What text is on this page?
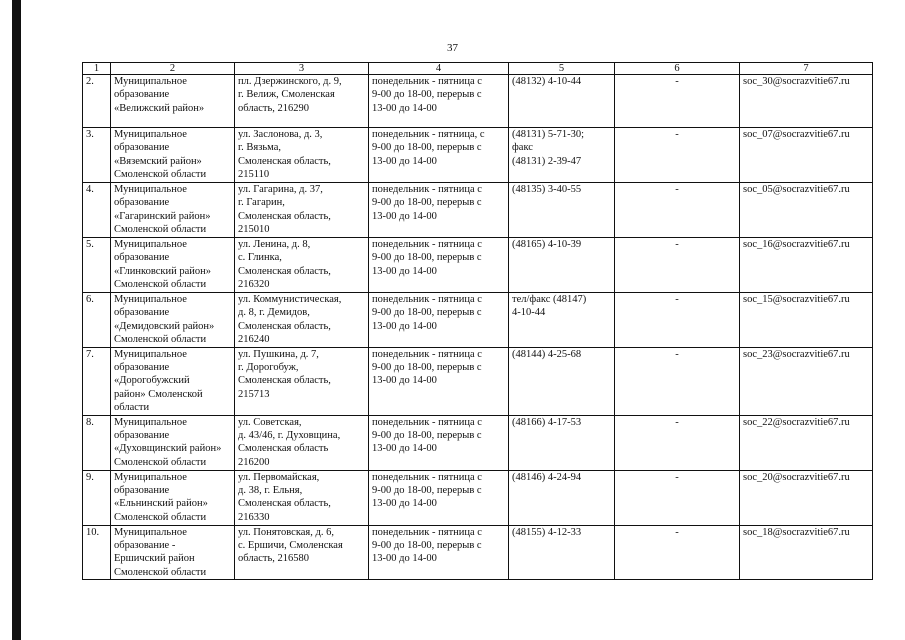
37
1	2	3	4	5	6	7
2.	Муниципальное
образование
«Велижский район»	пл. Дзержинского, д. 9,
г. Велиж, Смоленская
область, 216290	понедельник - пятница с
9-00 до 18-00, перерыв с
13-00 до 14-00	(48132) 4-10-44	-	soc_30@socrazvitie67.ru
3.	Муниципальное
образование
«Вяземский район»
Смоленской области	ул. Заслонова, д. 3,
г. Вязьма,
Смоленская область,
215110	понедельник - пятница, с
9-00 до 18-00, перерыв с
13-00 до 14-00	(48131) 5-71-30;
факс
(48131) 2-39-47	-	soc_07@socrazvitie67.ru
4.	Муниципальное
образование
«Гагаринский район»
Смоленской области	ул. Гагарина, д. 37,
г. Гагарин,
Смоленская область,
215010	понедельник - пятница с
9-00 до 18-00, перерыв с
13-00 до 14-00	(48135) 3-40-55	-	soc_05@socrazvitie67.ru
5.	Муниципальное
образование
«Глинковский район»
Смоленской области	ул. Ленина, д. 8,
с. Глинка,
Смоленская область,
216320	понедельник - пятница с
9-00 до 18-00, перерыв с
13-00 до 14-00	(48165) 4-10-39	-	soc_16@socrazvitie67.ru
6.	Муниципальное
образование
«Демидовский район»
Смоленской области	ул. Коммунистическая,
д. 8, г. Демидов,
Смоленская область,
216240	понедельник - пятница с
9-00 до 18-00, перерыв с
13-00 до 14-00	тел/факс (48147)
4-10-44	-	soc_15@socrazvitie67.ru
7.	Муниципальное
образование
«Дорогобужский
район» Смоленской
области	ул. Пушкина, д. 7,
г. Дорогобуж,
Смоленская область,
215713	понедельник - пятница с
9-00 до 18-00, перерыв с
13-00 до 14-00	(48144) 4-25-68	-	soc_23@socrazvitie67.ru
8.	Муниципальное
образование
«Духовщинский район»
Смоленской области	ул. Советская,
д. 43/46, г. Духовщина,
Смоленская область
216200	понедельник - пятница с
9-00 до 18-00, перерыв с
13-00 до 14-00	(48166) 4-17-53	-	soc_22@socrazvitie67.ru
9.	Муниципальное
образование
«Ельнинский район»
Смоленской области	ул. Первомайская,
д. 38, г. Ельня,
Смоленская область,
216330	понедельник - пятница с
9-00 до 18-00, перерыв с
13-00 до 14-00	(48146) 4-24-94	-	soc_20@socrazvitie67.ru
10.	Муниципальное
образование -
Ершичский район
Смоленской области	ул. Понятовская, д. 6,
с. Ершичи, Смоленская
область, 216580	понедельник - пятница с
9-00 до 18-00, перерыв с
13-00 до 14-00	(48155) 4-12-33	-	soc_18@socrazvitie67.ru
